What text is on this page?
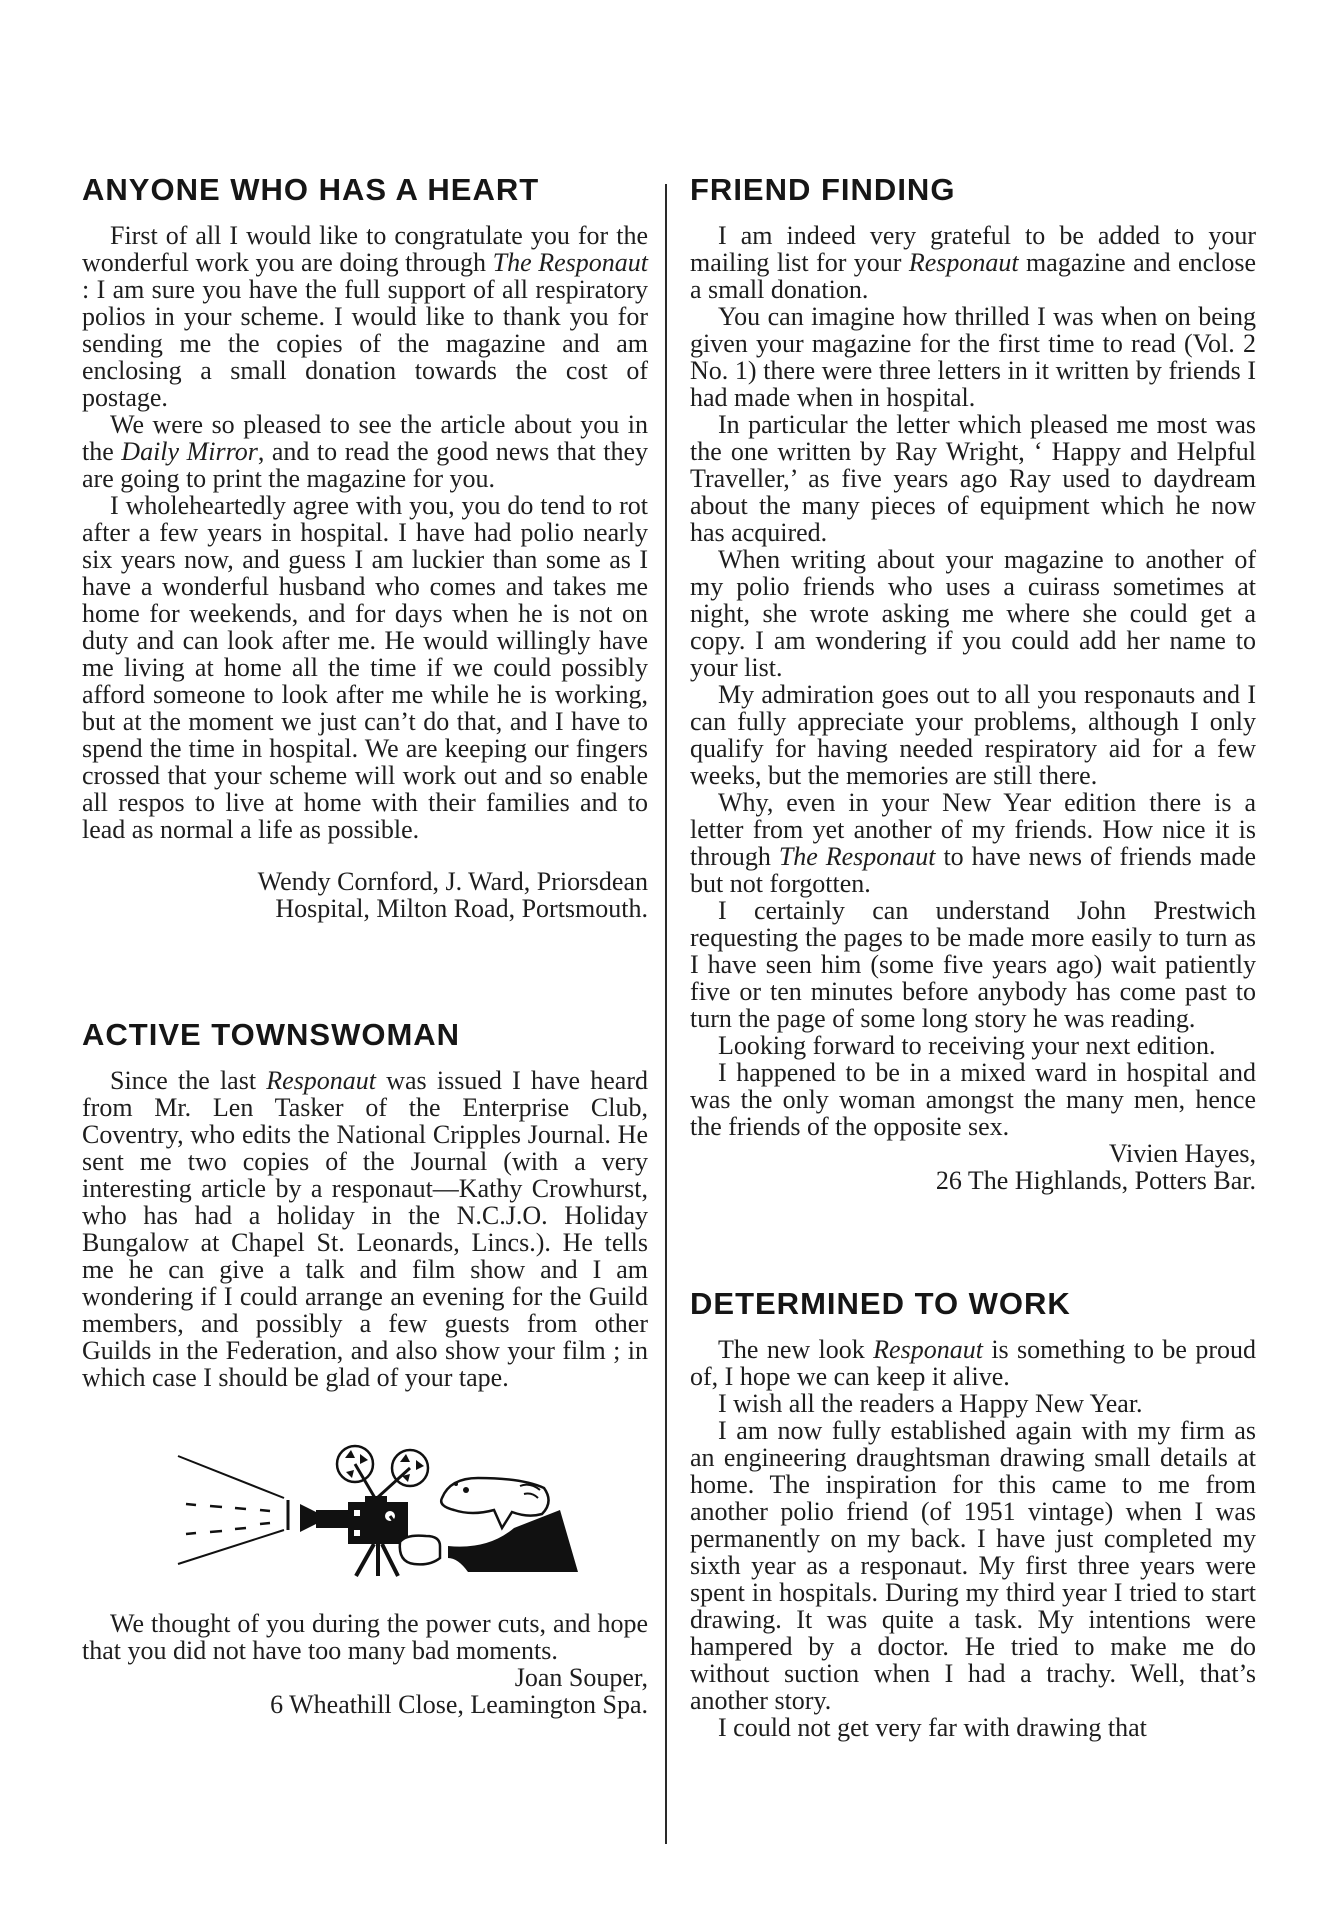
ANYONE WHO HAS A HEART

First of all I would like to congratulate you for the wonderful work you are doing through The Responaut : I am sure you have the full support of all respiratory polios in your scheme. I would like to thank you for sending me the copies of the magazine and am enclosing a small donation towards the cost of postage.

We were so pleased to see the article about you in the Daily Mirror, and to read the good news that they are going to print the magazine for you.

I wholeheartedly agree with you, you do tend to rot after a few years in hospital. I have had polio nearly six years now, and guess I am luckier than some as I have a wonderful husband who comes and takes me home for weekends, and for days when he is not on duty and can look after me. He would willingly have me living at home all the time if we could possibly afford someone to look after me while he is working, but at the moment we just can’t do that, and I have to spend the time in hospital. We are keeping our fingers crossed that your scheme will work out and so enable all respos to live at home with their families and to lead as normal a life as possible.

Wendy Cornford, J. Ward, Priorsdean

Hospital, Milton Road, Portsmouth.

ACTIVE TOWNSWOMAN

Since the last Responaut was issued I have heard from Mr. Len Tasker of the Enterprise Club, Coventry, who edits the National Cripples Journal. He sent me two copies of the Journal (with a very interesting article by a responaut—Kathy Crowhurst, who has had a holiday in the N.C.J.O. Holiday Bungalow at Chapel St. Leonards, Lincs.). He tells me he can give a talk and film show and I am wondering if I could arrange an evening for the Guild members, and possibly a few guests from other Guilds in the Federation, and also show your film ; in which case I should be glad of your tape.

We thought of you during the power cuts, and hope that you did not have too many bad moments.

Joan Souper,

6 Wheathill Close, Leamington Spa.

FRIEND FINDING

I am indeed very grateful to be added to your mailing list for your Responaut magazine and enclose a small donation.

You can imagine how thrilled I was when on being given your magazine for the first time to read (Vol. 2 No. 1) there were three letters in it written by friends I had made when in hospital.

In particular the letter which pleased me most was the one written by Ray Wright, ‘ Happy and Helpful Traveller,’ as five years ago Ray used to daydream about the many pieces of equipment which he now has acquired.

When writing about your magazine to another of my polio friends who uses a cuirass sometimes at night, she wrote asking me where she could get a copy. I am wondering if you could add her name to your list.

My admiration goes out to all you responauts and I can fully appreciate your problems, although I only qualify for having needed respiratory aid for a few weeks, but the memories are still there.

Why, even in your New Year edition there is a letter from yet another of my friends. How nice it is through The Responaut to have news of friends made but not forgotten.

I certainly can understand John Prestwich requesting the pages to be made more easily to turn as I have seen him (some five years ago) wait patiently five or ten minutes before anybody has come past to turn the page of some long story he was reading.

Looking forward to receiving your next edition.

I happened to be in a mixed ward in hospital and was the only woman amongst the many men, hence the friends of the opposite sex.

Vivien Hayes,

26 The Highlands, Potters Bar.

DETERMINED TO WORK

The new look Responaut is something to be proud of, I hope we can keep it alive.

I wish all the readers a Happy New Year.

I am now fully established again with my firm as an engineering draughtsman drawing small details at home. The inspiration for this came to me from another polio friend (of 1951 vintage) when I was permanently on my back. I have just completed my sixth year as a responaut. My first three years were spent in hospitals. During my third year I tried to start drawing. It was quite a task. My intentions were hampered by a doctor. He tried to make me do without suction when I had a trachy. Well, that’s another story.

I could not get very far with drawing that
